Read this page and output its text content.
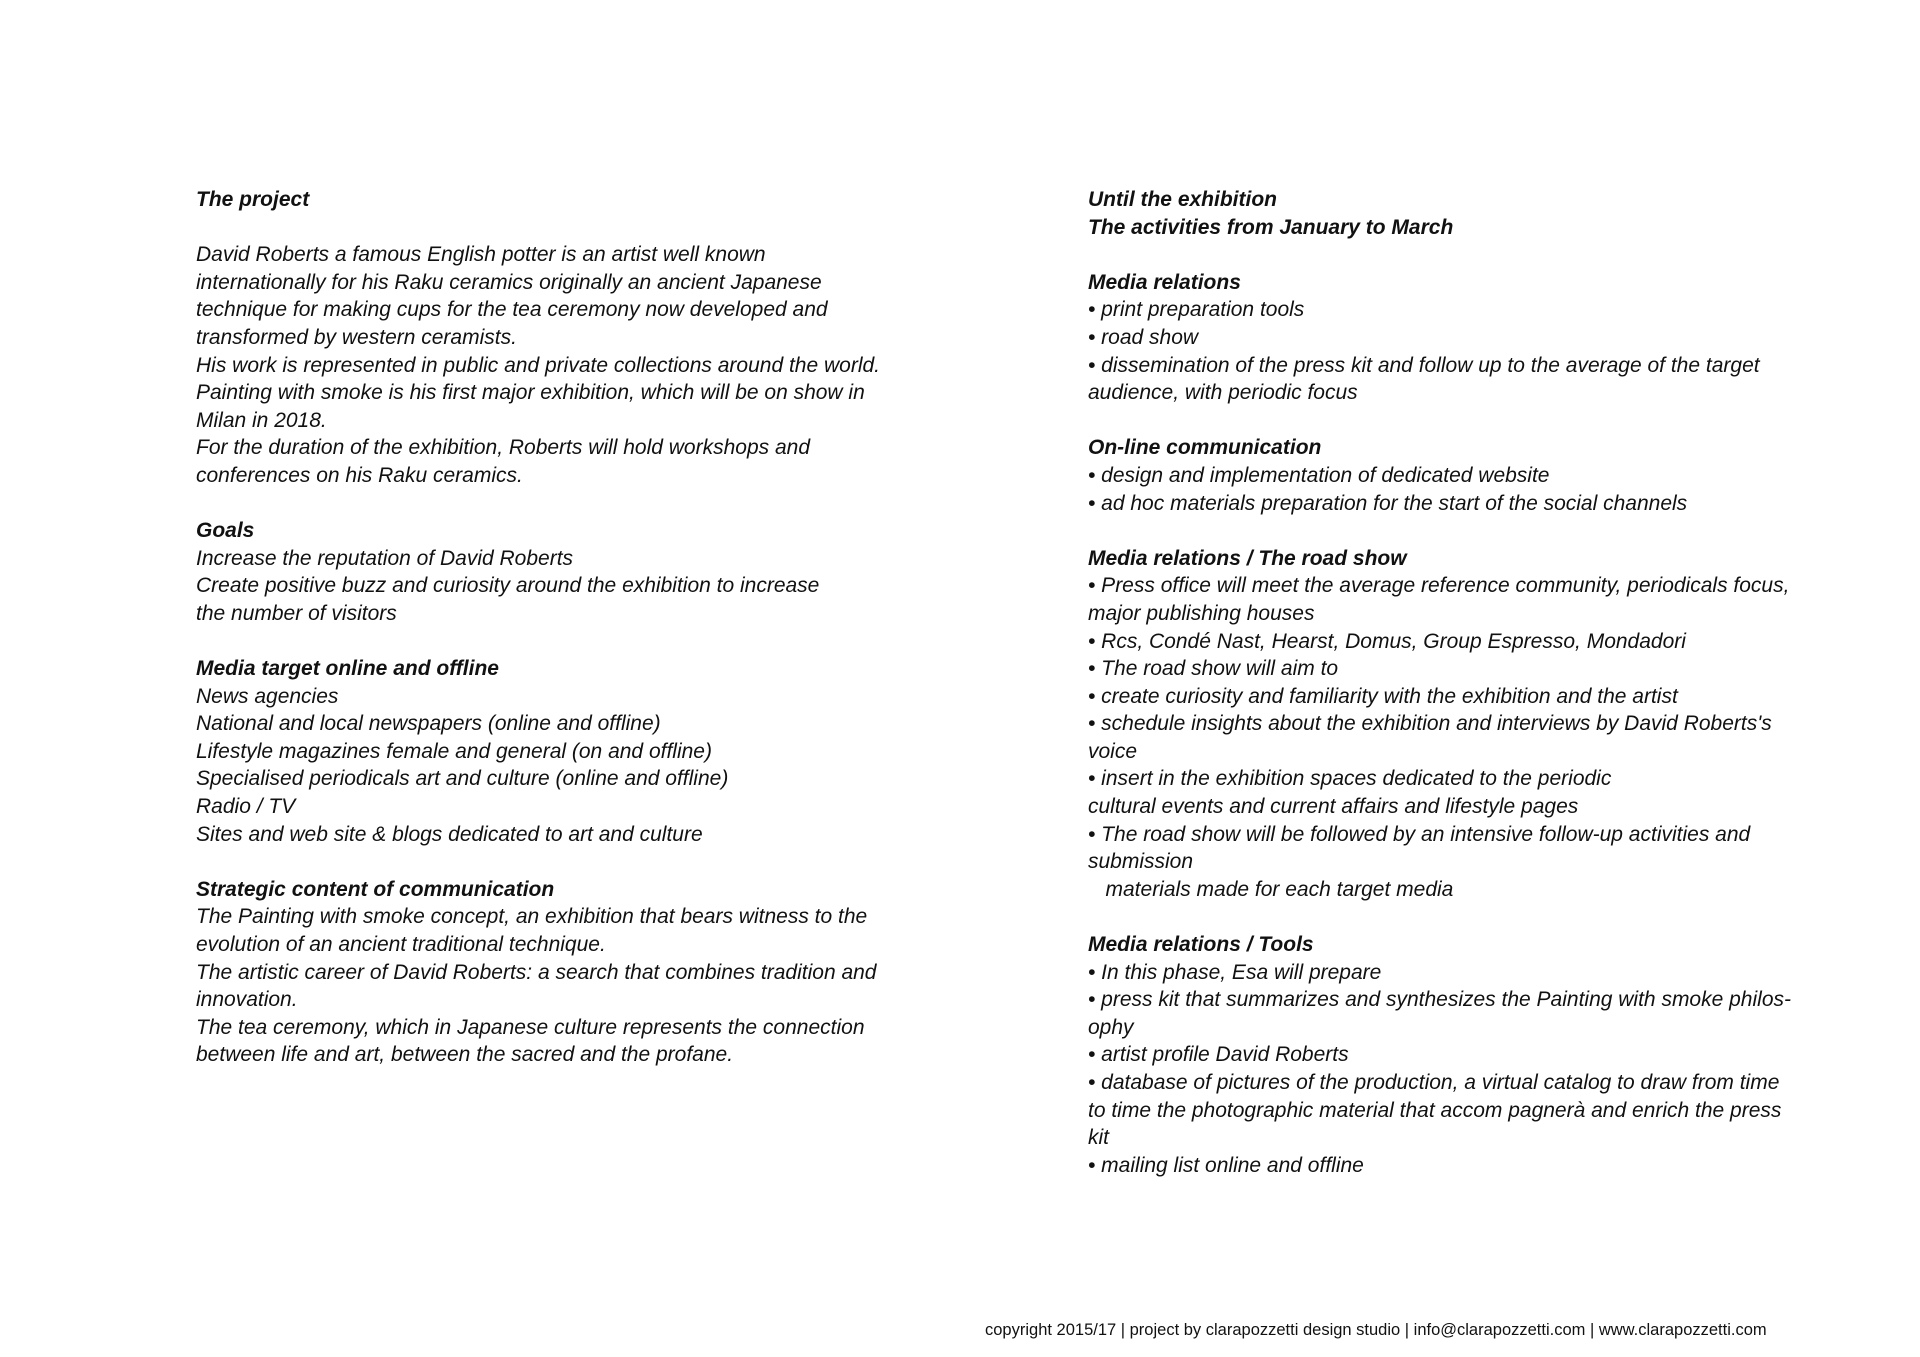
The project
David Roberts a famous English potter is an artist well known
internationally for his Raku ceramics originally an ancient Japanese
technique for making cups for the tea ceremony now developed and
transformed by western ceramists.
His work is represented in public and private collections around the world.
Painting with smoke is his first major exhibition, which will be on show in
Milan in 2018.
For the duration of the exhibition, Roberts will hold workshops and
conferences on his Raku ceramics.
Goals
Increase the reputation of David Roberts
Create positive buzz and curiosity around the exhibition to increase
the number of visitors
Media target online and offline
News agencies
National and local newspapers (online and offline)
Lifestyle magazines female and general (on and offline)
Specialised periodicals art and culture (online and offline)
Radio / TV
Sites and web site & blogs dedicated to art and culture
Strategic content of communication
The Painting with smoke concept, an exhibition that bears witness to the
evolution of an ancient traditional technique.
The artistic career of David Roberts: a search that combines tradition and
innovation.
The tea ceremony, which in Japanese culture represents the connection
between life and art, between the sacred and the profane.
Until the exhibition
The activities from January to March
Media relations
• print preparation tools
• road show
• dissemination of the press kit and follow up to the average of the target
audience, with periodic focus
On-line communication
• design and implementation of dedicated website
• ad hoc materials preparation for the start of the social channels
Media relations / The road show
• Press office will meet the average reference community, periodicals focus,
major publishing houses
• Rcs, Condé Nast, Hearst, Domus, Group Espresso, Mondadori
• The road show will aim to
• create curiosity and familiarity with the exhibition and the artist
• schedule insights about the exhibition and interviews by David Roberts's
voice
• insert in the exhibition spaces dedicated to the periodic
cultural events and current affairs and lifestyle pages
• The road show will be followed by an intensive follow-up activities and
submission
materials made for each target media
Media relations / Tools
• In this phase, Esa will prepare
• press kit that summarizes and synthesizes the Painting with smoke philos-
ophy
• artist profile David Roberts
• database of pictures of the production, a virtual catalog to draw from time
to time the photographic material that accom pagnerà and enrich the press
kit
• mailing list online and offline
copyright 2015/17 | project by clarapozzetti design studio | info@clarapozzetti.com | www.clarapozzetti.com
